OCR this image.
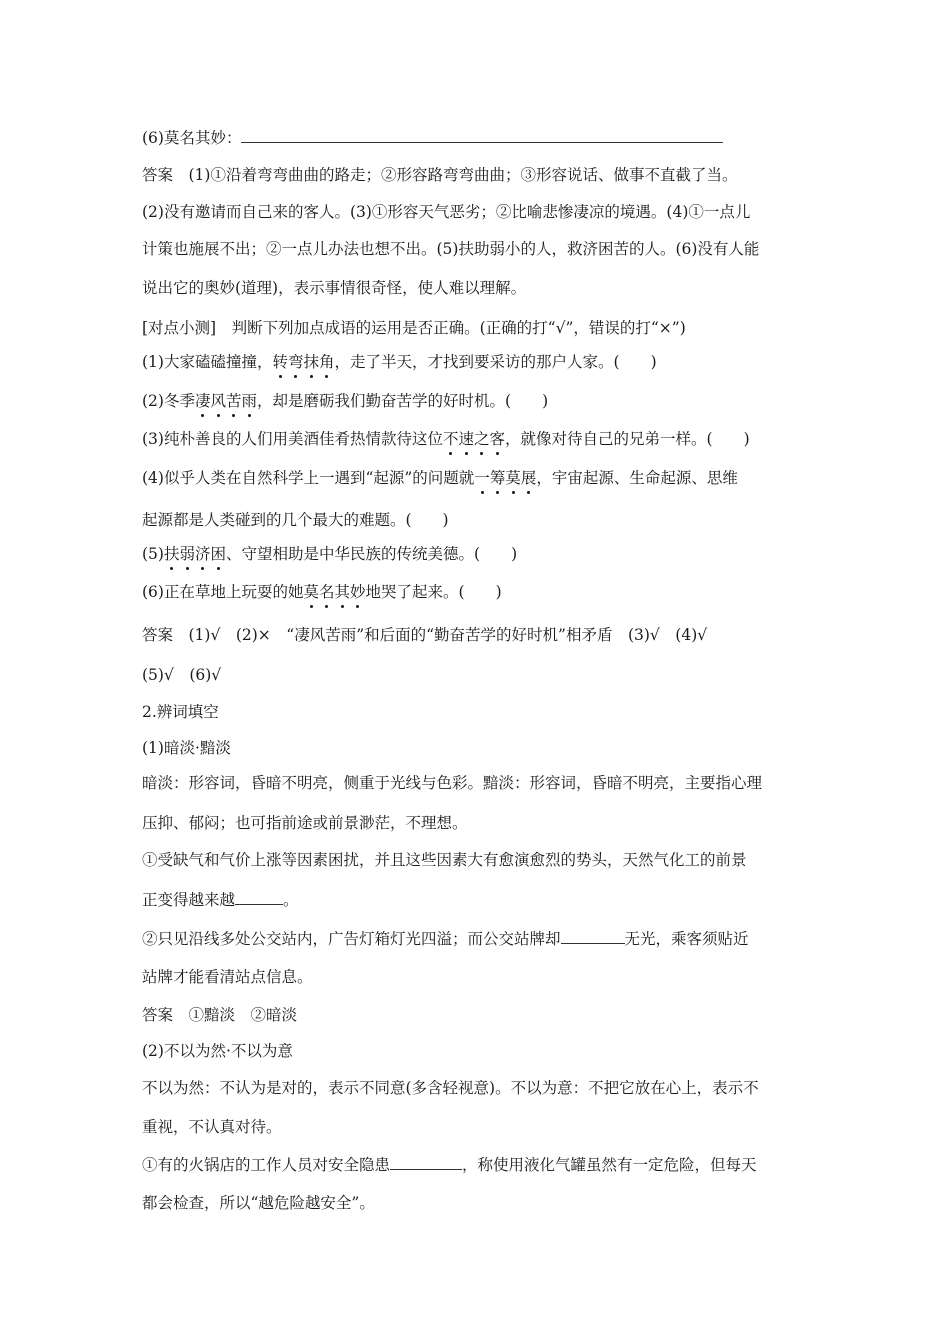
(6)莫名其妙：
答案　(1)①沿着弯弯曲曲的路走；②形容路弯弯曲曲；③形容说话、做事不直截了当。
(2)没有邀请而自己来的客人。(3)①形容天气恶劣；②比喻悲惨凄凉的境遇。(4)①一点儿
计策也施展不出；②一点儿办法也想不出。(5)扶助弱小的人，救济困苦的人。(6)没有人能
说出它的奥妙(道理)，表示事情很奇怪，使人难以理解。
[对点小测]　判断下列加点成语的运用是否正确。(正确的打“√”，错误的打“×”)
(1)大家磕磕撞撞，转弯抹角，走了半天，才找到要采访的那户人家。(　　)
(2)冬季凄风苦雨，却是磨砺我们勤奋苦学的好时机。(　　)
(3)纯朴善良的人们用美酒佳肴热情款待这位不速之客，就像对待自己的兄弟一样。(　　)
(4)似乎人类在自然科学上一遇到“起源”的问题就一筹莫展，宇宙起源、生命起源、思维
起源都是人类碰到的几个最大的难题。(　　)
(5)扶弱济困、守望相助是中华民族的传统美德。(　　)
(6)正在草地上玩耍的她莫名其妙地哭了起来。(　　)
答案　(1)√　(2)×　“凄风苦雨”和后面的“勤奋苦学的好时机”相矛盾　(3)√　(4)√
(5)√　(6)√
2.辨词填空
(1)暗淡·黯淡
暗淡：形容词，昏暗不明亮，侧重于光线与色彩。黯淡：形容词，昏暗不明亮，主要指心理
压抑、郁闷；也可指前途或前景渺茫，不理想。
①受缺气和气价上涨等因素困扰，并且这些因素大有愈演愈烈的势头，天然气化工的前景
正变得越来越	。
②只见沿线多处公交站内，广告灯箱灯光四溢；而公交站牌却	无光，乘客须贴近
站牌才能看清站点信息。
答案　①黯淡　②暗淡
(2)不以为然·不以为意
不以为然：不认为是对的，表示不同意(多含轻视意)。不以为意：不把它放在心上，表示不
重视，不认真对待。
①有的火锅店的工作人员对安全隐患	，称使用液化气罐虽然有一定危险，但每天
都会检查，所以“越危险越安全”。
